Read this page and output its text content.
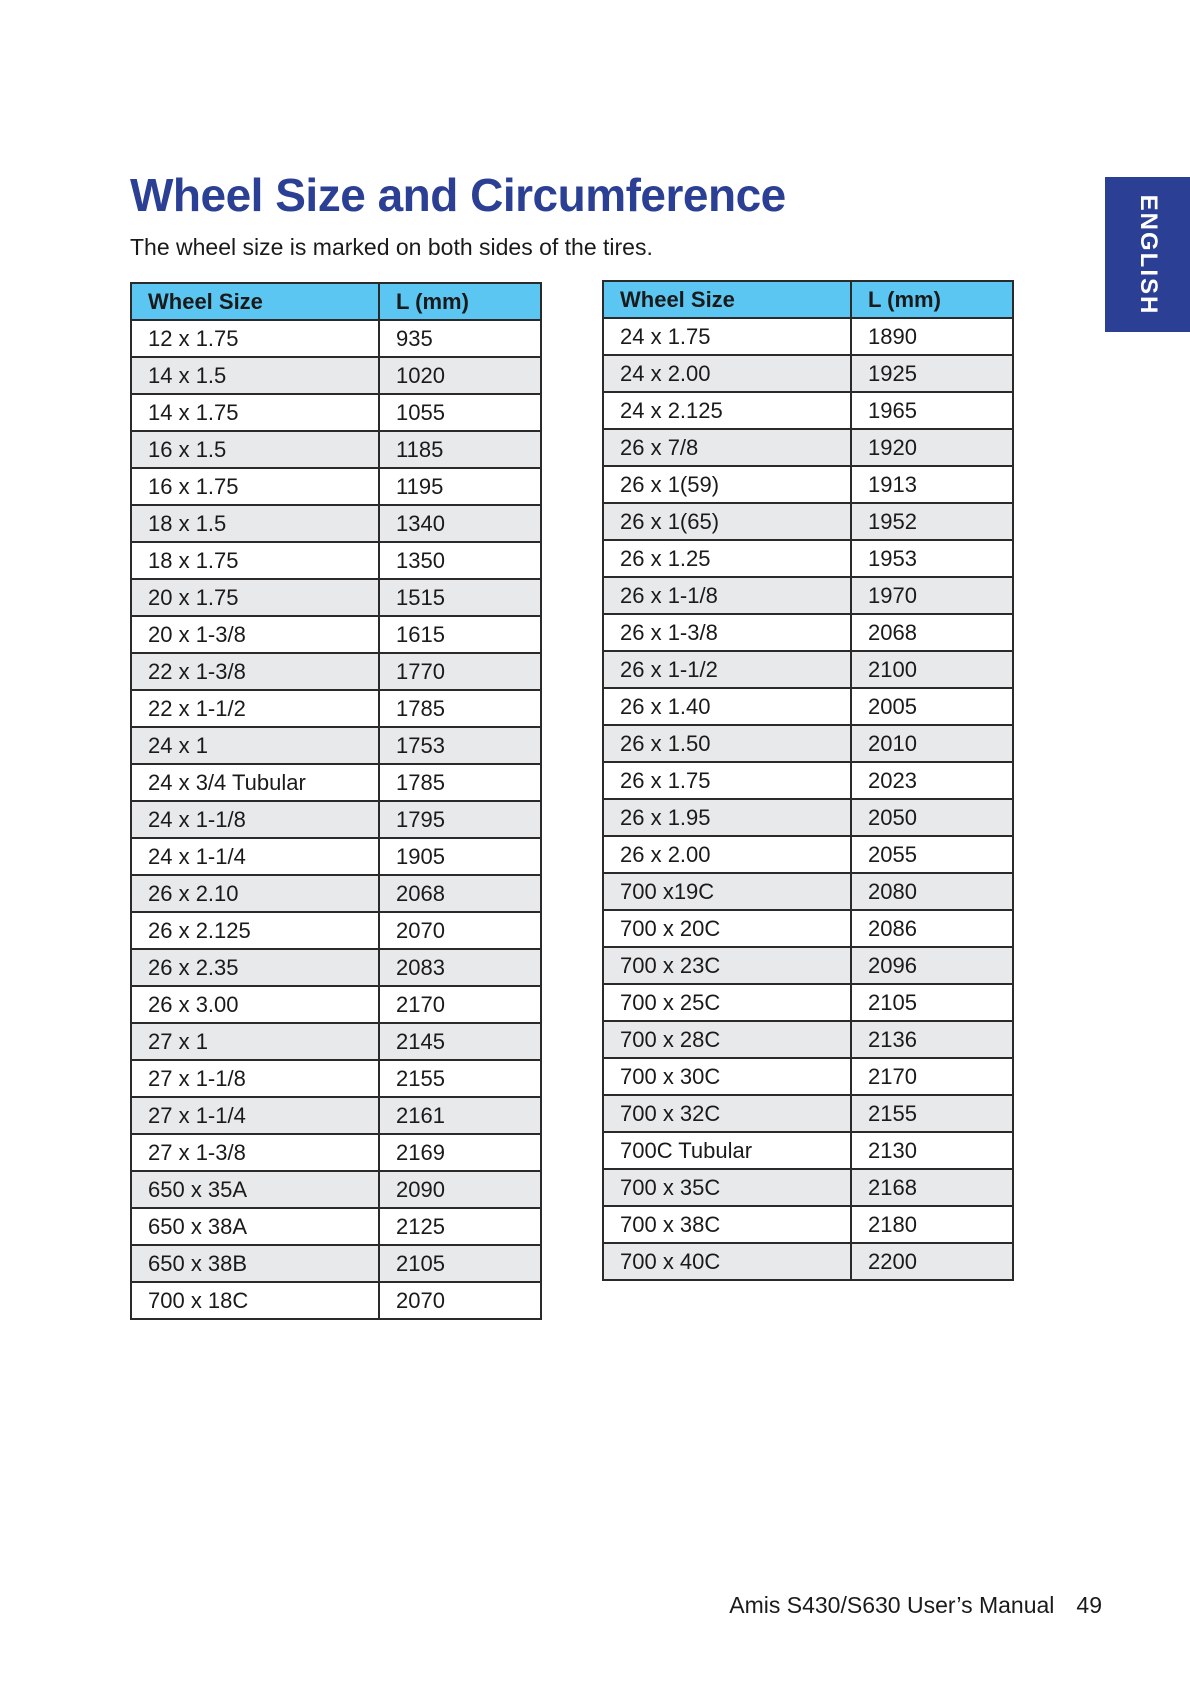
Wheel Size and Circumference

The wheel size is marked on both sides of the tires.	ENGLISH
Wheel Size	L (mm)
12 x 1.75	935
14 x 1.5	1020
14 x 1.75	1055
16 x 1.5	1185
16 x 1.75	1195
18 x 1.5	1340
18 x 1.75	1350
20 x 1.75	1515
20 x 1-3/8	1615
22 x 1-3/8	1770
22 x 1-1/2	1785
24 x 1	1753
24 x 3/4 Tubular	1785
24 x 1-1/8	1795
24 x 1-1/4	1905
26 x 2.10	2068
26 x 2.125	2070
26 x 2.35	2083
26 x 3.00	2170
27 x 1	2145
27 x 1-1/8	2155
27 x 1-1/4	2161
27 x 1-3/8	2169
650 x 35A	2090
650 x 38A	2125
650 x 38B	2105
700 x 18C	2070
Wheel Size	L (mm)
24 x 1.75	1890
24 x 2.00	1925
24 x 2.125	1965
26 x 7/8	1920
26 x 1(59)	1913
26 x 1(65)	1952
26 x 1.25	1953
26 x 1-1/8	1970
26 x 1-3/8	2068
26 x 1-1/2	2100
26 x 1.40	2005
26 x 1.50	2010
26 x 1.75	2023
26 x 1.95	2050
26 x 2.00	2055
700 x19C	2080
700 x 20C	2086
700 x 23C	2096
700 x 25C	2105
700 x 28C	2136
700 x 30C	2170
700 x 32C	2155
700C Tubular	2130
700 x 35C	2168
700 x 38C	2180
700 x 40C	2200
Amis S430/S630 User’s Manual 49
